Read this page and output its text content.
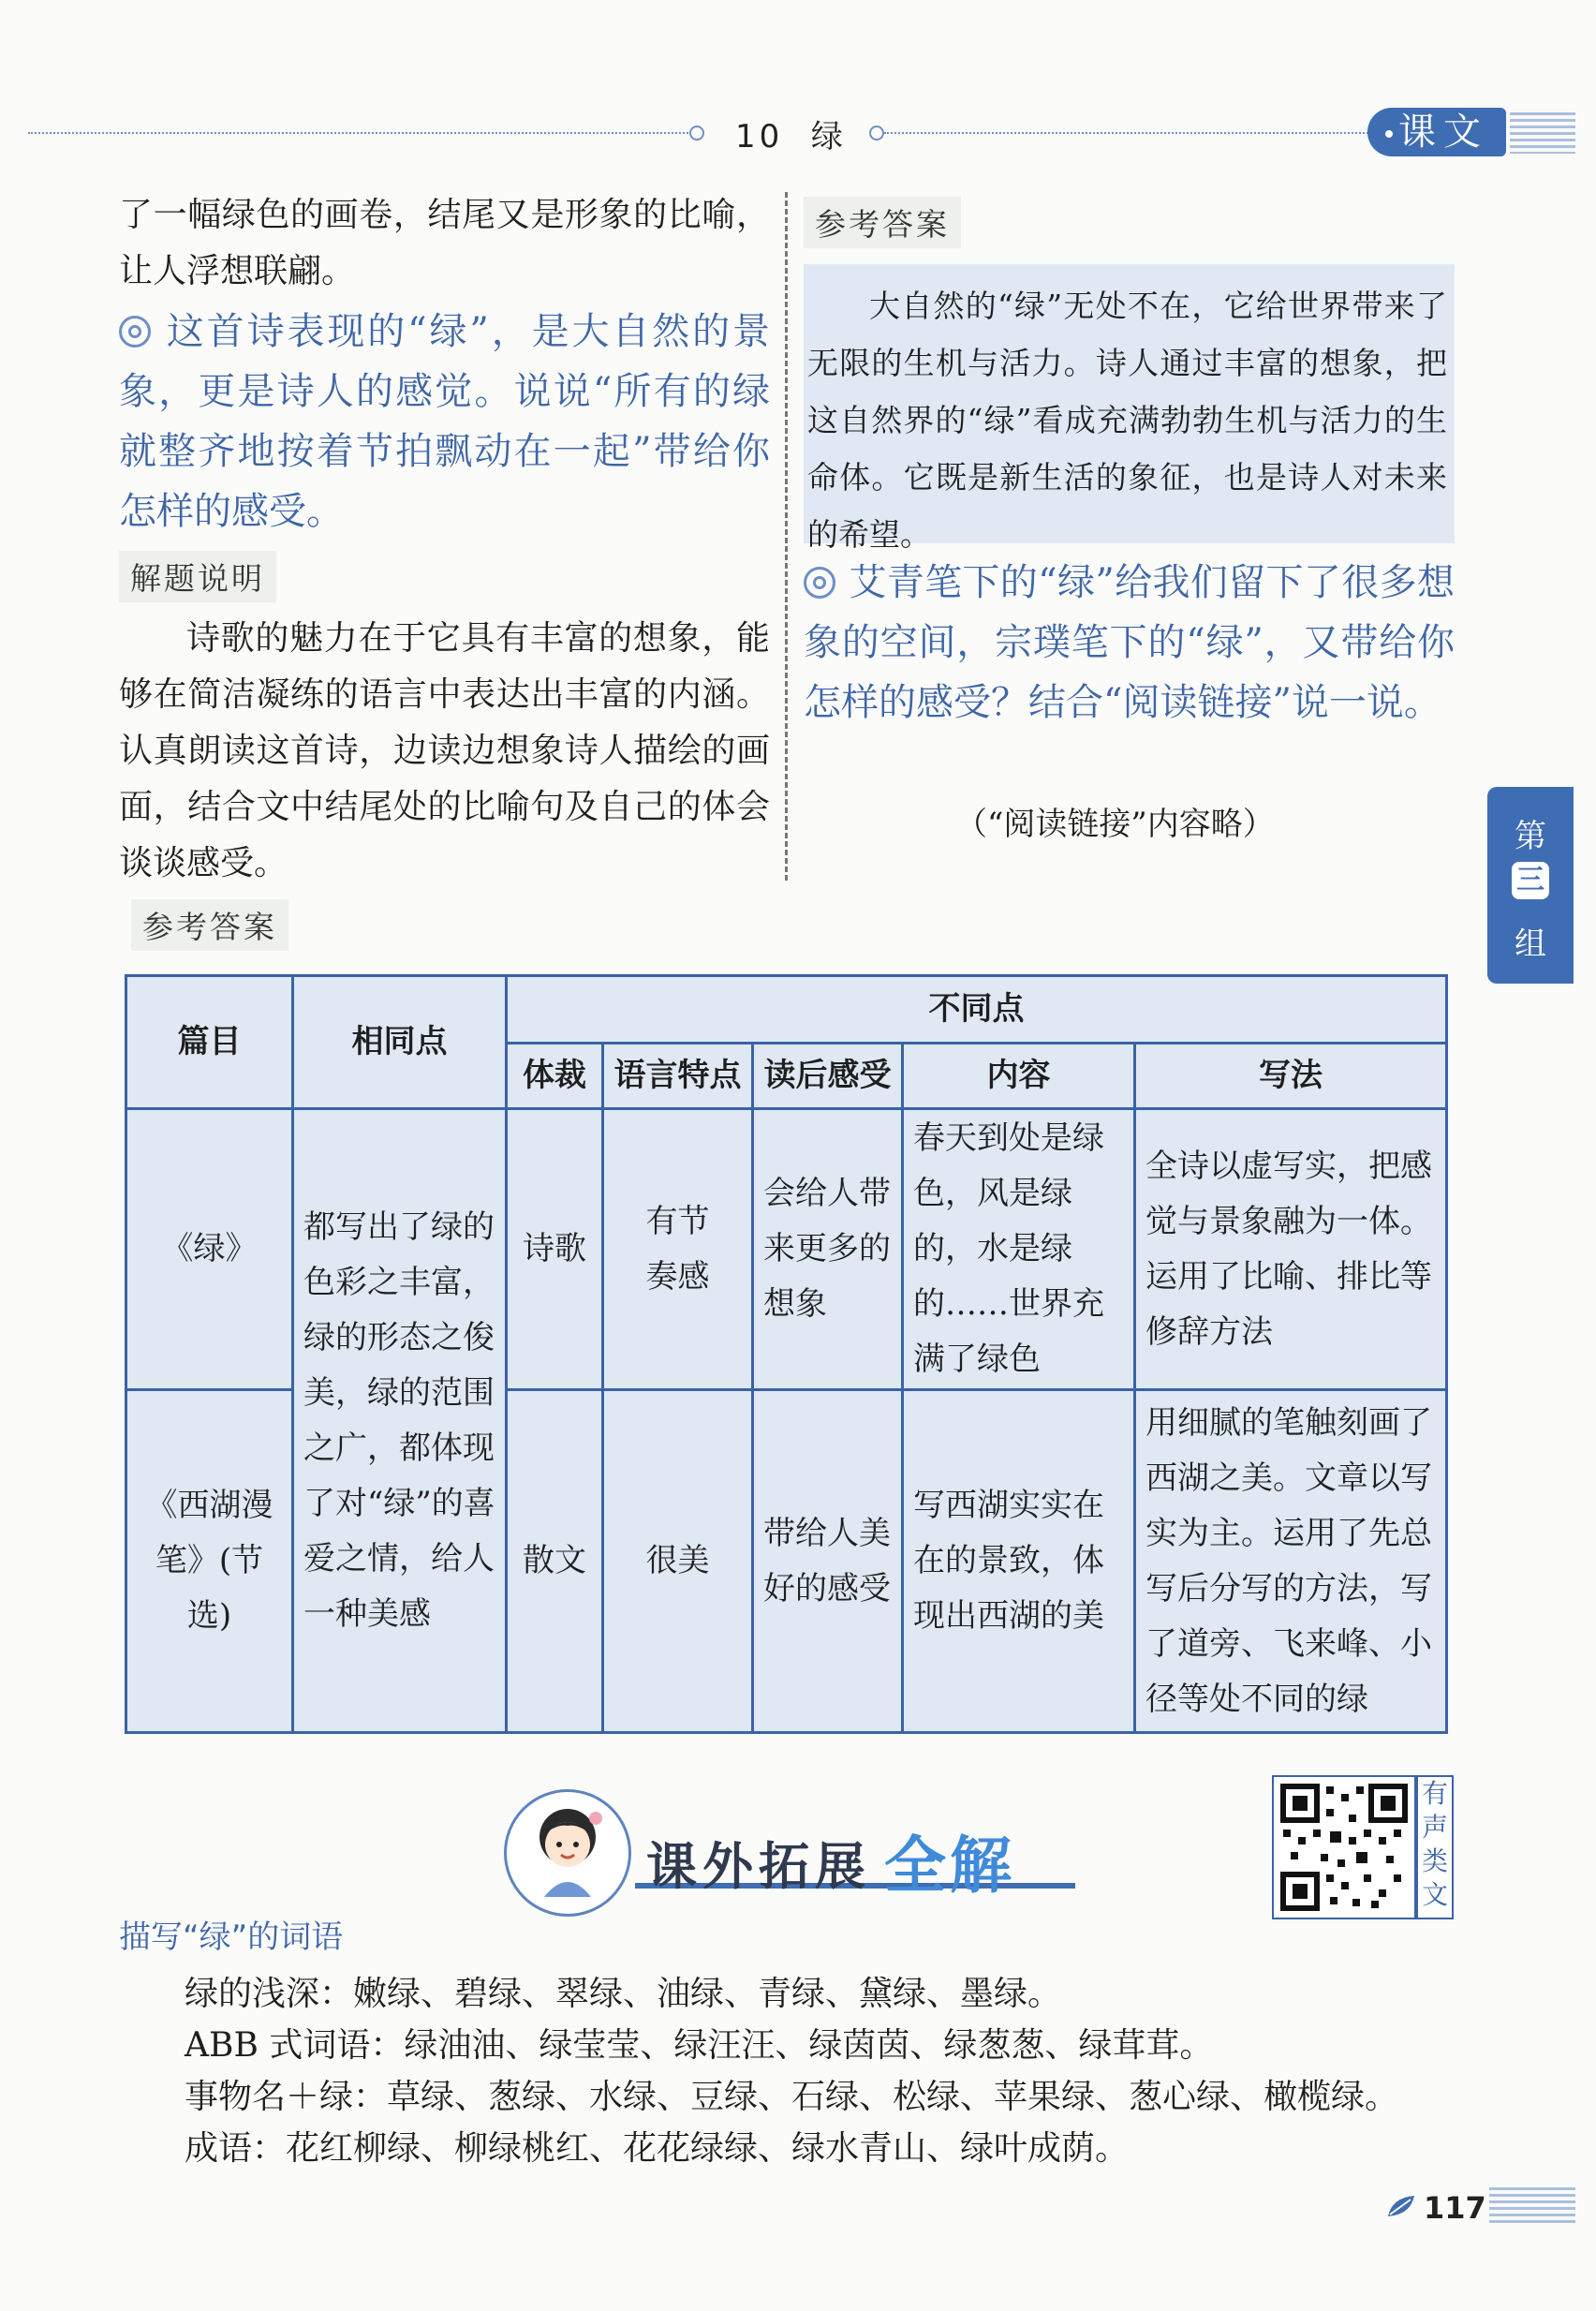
10 绿	课文
了一幅绿色的画卷，结尾又是形象的比喻，让人浮想联翩。
这首诗表现的“绿”，是大自然的景象，更是诗人的感觉。说说“所有的绿就整齐地按着节拍飘动在一起”带给你怎样的感受。
解题说明
诗歌的魅力在于它具有丰富的想象，能够在简洁凝练的语言中表达出丰富的内涵。认真朗读这首诗，边读边想象诗人描绘的画面，结合文中结尾处的比喻句及自己的体会谈谈感受。
参考答案
大自然的“绿”无处不在，它给世界带来了无限的生机与活力。诗人通过丰富的想象，把这自然界的“绿”看成充满勃勃生机与活力的生命体。它既是新生活的象征，也是诗人对未来的希望。
艾青笔下的“绿”给我们留下了很多想象的空间，宗璞笔下的“绿”，又带给你怎样的感受？结合“阅读链接”说一说。
（“阅读链接”内容略）	第
三
组
参考答案
篇目	相同点	不同点				
		体裁	语言特点	读后感受	内容	写法
《绿》	都写出了绿的色彩之丰富，绿的形态之俊美，绿的范围之广，都体现了对“绿”的喜爱之情，给人一种美感	诗歌	有节奏感	会给人带来更多的想象	春天到处是绿色，风是绿的，水是绿的……世界充满了绿色	全诗以虚写实，把感觉与景象融为一体。运用了比喻、排比等修辞方法
《西湖漫笔》(节选)		散文	很美	带给人美好的感受	写西湖实实在在的景致，体现出西湖的美	用细腻的笔触刻画了西湖之美。文章以写实为主。运用了先总写后分写的方法，写了道旁、飞来峰、小径等处不同的绿
课外拓展 全解
有声类文
描写“绿”的词语
绿的浅深：嫩绿、碧绿、翠绿、油绿、青绿、黛绿、墨绿。
ABB 式词语：绿油油、绿莹莹、绿汪汪、绿茵茵、绿葱葱、绿茸茸。
事物名＋绿：草绿、葱绿、水绿、豆绿、石绿、松绿、苹果绿、葱心绿、橄榄绿。
成语：花红柳绿、柳绿桃红、花花绿绿、绿水青山、绿叶成荫。
117
